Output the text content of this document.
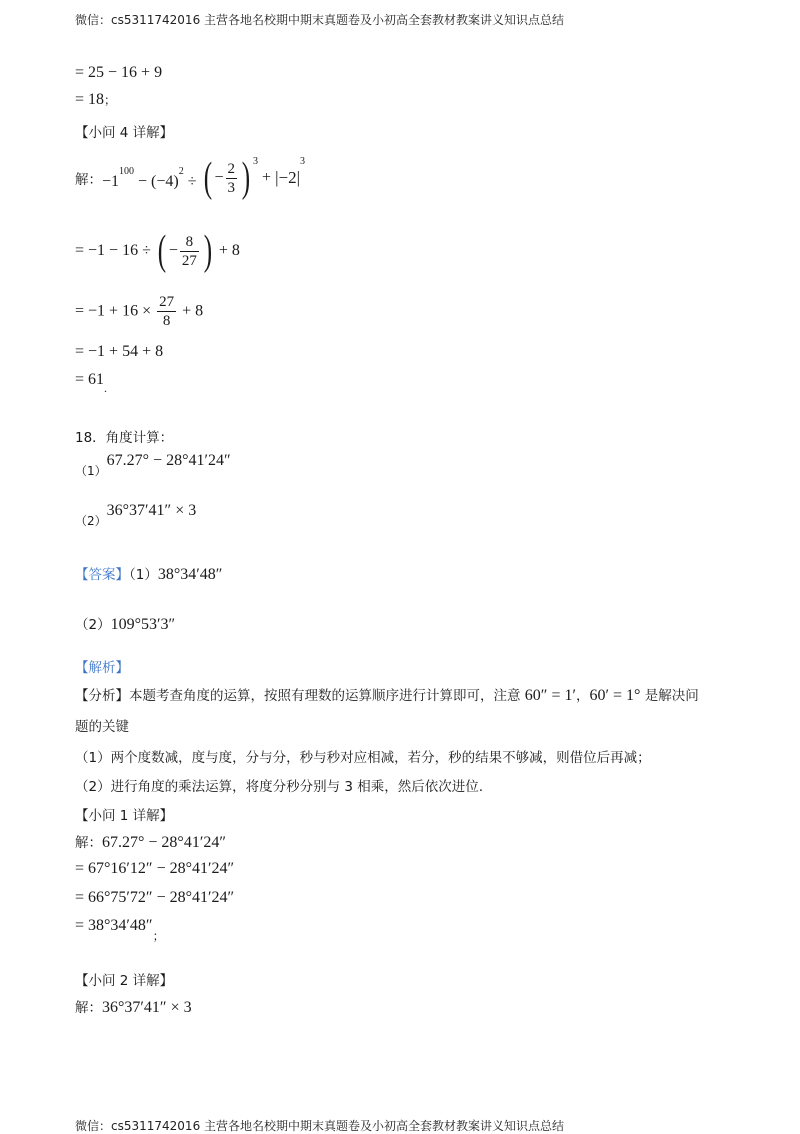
微信：cs5311742016 主营各地名校期中期末真题卷及小初高全套教材教案讲义知识点总结
= 25 − 16 + 9
= 18；
【小问 4 详解】
解：$-1^{100} - (-4)^2$ ÷ ( − $\frac{2}{3}$ ) $^3 + |-2|^3$
= −1 − 16 ÷ ( − $\frac{8}{27}$ ) + 8
= $-1 + 16 \times \frac{27}{8} + 8$
= −1 + 54 + 8
= $61_.$
18．角度计算：
（1）67.27° − 28°41′24″
（2）36°37′41″ × 3
【答案】（1）38°34′48″
（2）109°53′3″
【解析】
【分析】本题考查角度的运算，按照有理数的运算顺序进行计算即可，注意 60″ = 1′，60′ = 1° 是解决问
题的关键
（1）两个度数减，度与度，分与分，秒与秒对应相减，若分，秒的结果不够减，则借位后再减；
（2）进行角度的乘法运算，将度分秒分别与 3 相乘，然后依次进位.
【小问 1 详解】
解：67.27° − 28°41′24″
= 67°16′12″ − 28°41′24″
= 66°75′72″ − 28°41′24″
= $38^\circ 34'48''_;$
【小问 2 详解】
解：36°37′41″ × 3
微信：cs5311742016 主营各地名校期中期末真题卷及小初高全套教材教案讲义知识点总结
